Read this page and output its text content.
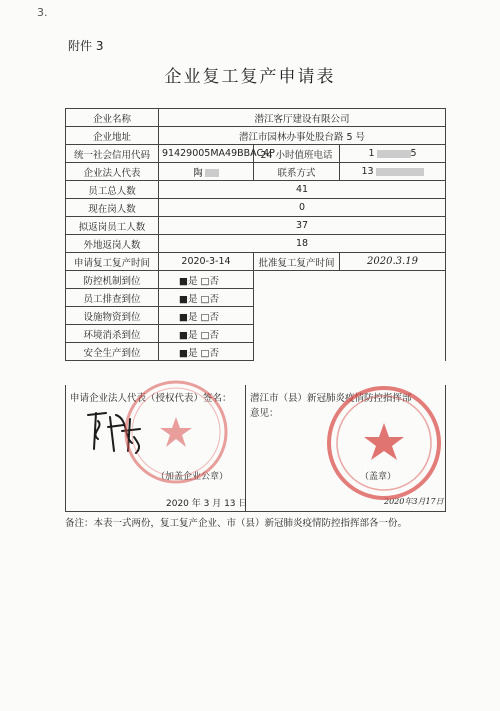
3.
附件 3
企业复工复产申请表
企业名称	潜江客厅建设有限公司		
企业地址	潜江市园林办事处股台路 5 号		
统一社会信用代码	91429005MA49BBAC4P	24 小时值班电话	1 5
企业法人代表	陶	联系方式	13
员工总人数	41		
现在岗人数	0		
拟返岗员工人数	37		
外地返岗人数	18		
申请复工复产时间	2020-3-14	批准复工复产时间	2020.3.19
防控机制到位	■是 □否		
员工排查到位	■是 □否		
设施物资到位	■是 □否		
环境消杀到位	■是 □否		
安全生产到位	■是 □否		
申请企业法人代表（授权代表）签名： 潜江市（县）新冠肺炎疫情防控指挥部
意见：
（加盖企业公章）
2020 年 3 月 13 日
（盖章）
2020年3月17日
备注：本表一式两份，复工复产企业、市（县）新冠肺炎疫情防控指挥部各一份。
